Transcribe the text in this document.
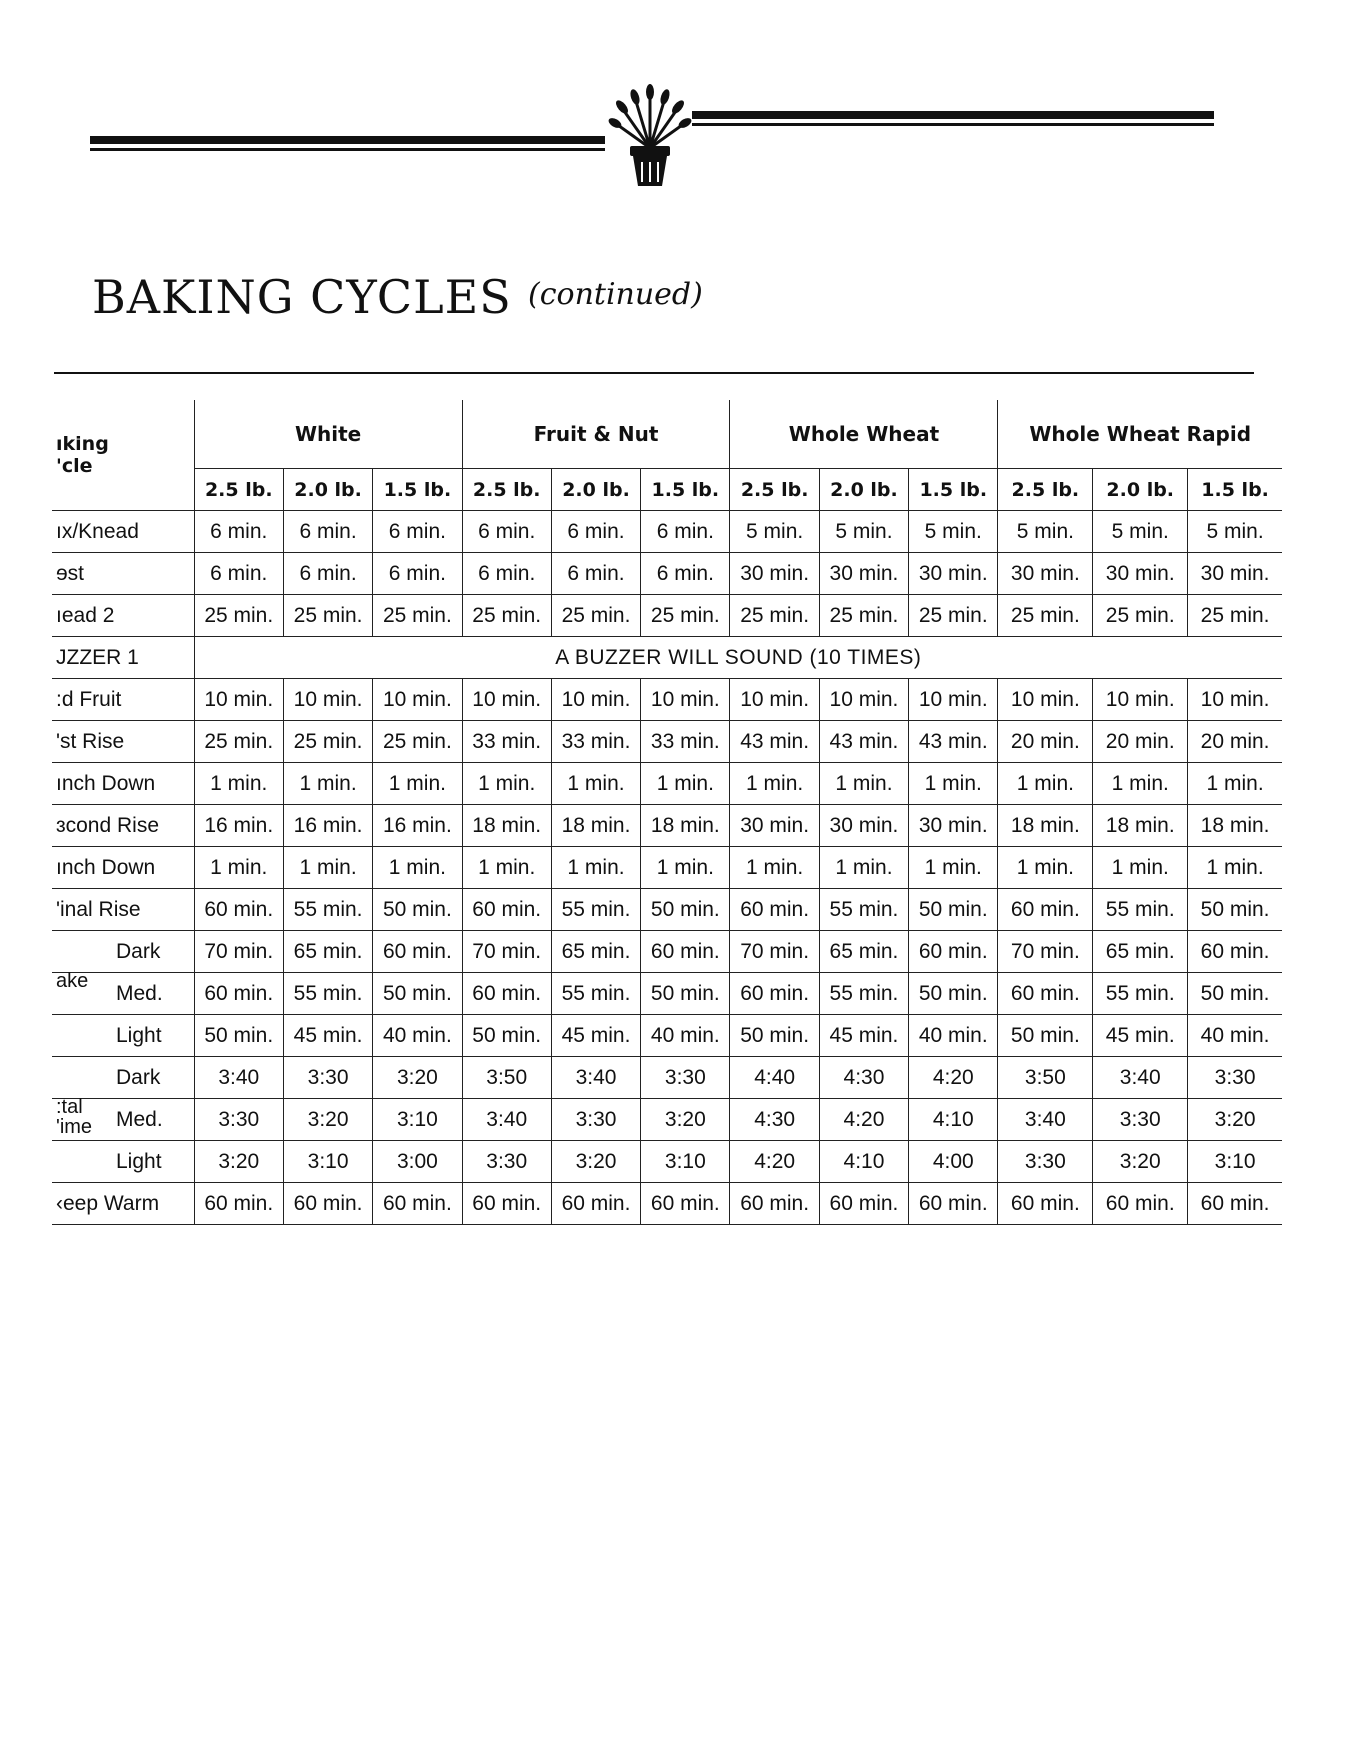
BAKING CYCLES (continued)
ıking
'cle	White			Fruit & Nut			Whole Wheat			Whole Wheat Rapid		
	2.5 lb.	2.0 lb.	1.5 lb.	2.5 lb.	2.0 lb.	1.5 lb.	2.5 lb.	2.0 lb.	1.5 lb.	2.5 lb.	2.0 lb.	1.5 lb.
ıx/Knead	6 min.	6 min.	6 min.	6 min.	6 min.	6 min.	5 min.	5 min.	5 min.	5 min.	5 min.	5 min.
ɘst	6 min.	6 min.	6 min.	6 min.	6 min.	6 min.	30 min.	30 min.	30 min.	30 min.	30 min.	30 min.
ıead 2	25 min.	25 min.	25 min.	25 min.	25 min.	25 min.	25 min.	25 min.	25 min.	25 min.	25 min.	25 min.
JZZER 1	A BUZZER WILL SOUND (10 TIMES)											
:d Fruit	10 min.	10 min.	10 min.	10 min.	10 min.	10 min.	10 min.	10 min.	10 min.	10 min.	10 min.	10 min.
'st Rise	25 min.	25 min.	25 min.	33 min.	33 min.	33 min.	43 min.	43 min.	43 min.	20 min.	20 min.	20 min.
ınch Down	1 min.	1 min.	1 min.	1 min.	1 min.	1 min.	1 min.	1 min.	1 min.	1 min.	1 min.	1 min.
ɜcond Rise	16 min.	16 min.	16 min.	18 min.	18 min.	18 min.	30 min.	30 min.	30 min.	18 min.	18 min.	18 min.
ınch Down	1 min.	1 min.	1 min.	1 min.	1 min.	1 min.	1 min.	1 min.	1 min.	1 min.	1 min.	1 min.
'inal Rise	60 min.	55 min.	50 min.	60 min.	55 min.	50 min.	60 min.	55 min.	50 min.	60 min.	55 min.	50 min.

ake
Dark	70 min.	65 min.	60 min.	70 min.	65 min.	60 min.	70 min.	65 min.	60 min.	70 min.	65 min.	60 min.

Med.	60 min.	55 min.	50 min.	60 min.	55 min.	50 min.	60 min.	55 min.	50 min.	60 min.	55 min.	50 min.

Light	50 min.	45 min.	40 min.	50 min.	45 min.	40 min.	50 min.	45 min.	40 min.	50 min.	45 min.	40 min.

:tal
'ime
Dark	3:40	3:30	3:20	3:50	3:40	3:30	4:40	4:30	4:20	3:50	3:40	3:30

Med.	3:30	3:20	3:10	3:40	3:30	3:20	4:30	4:20	4:10	3:40	3:30	3:20

Light	3:20	3:10	3:00	3:30	3:20	3:10	4:20	4:10	4:00	3:30	3:20	3:10
‹eep Warm	60 min.	60 min.	60 min.	60 min.	60 min.	60 min.	60 min.	60 min.	60 min.	60 min.	60 min.	60 min.
